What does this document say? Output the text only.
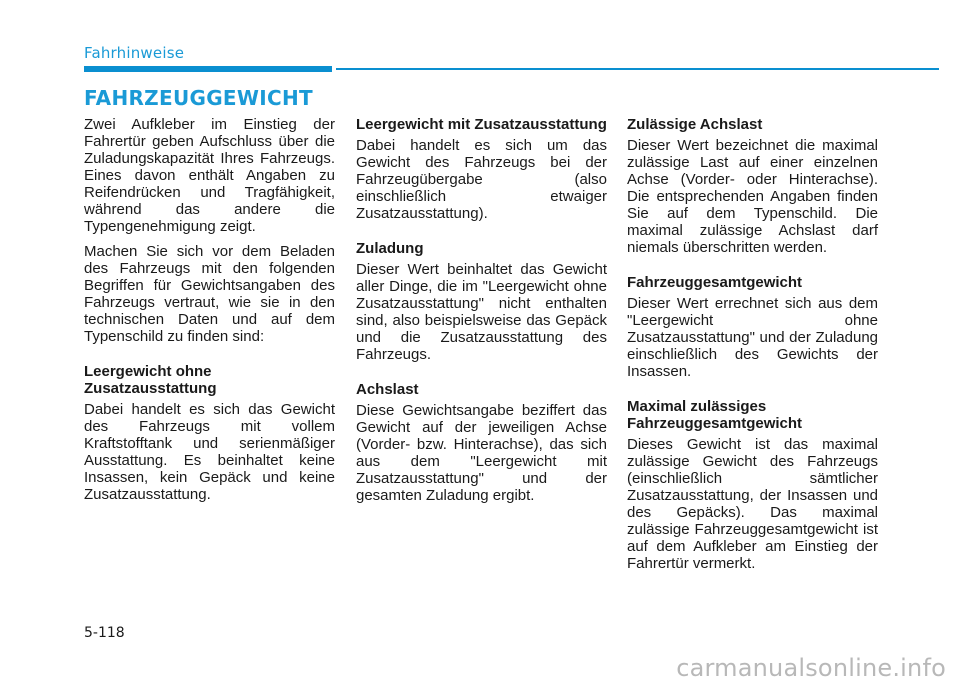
Fahrhinweise
FAHRZEUGGEWICHT

Zwei Aufkleber im Einstieg der Fahrertür geben Aufschluss über die Zuladungskapazität Ihres Fahrzeugs. Eines davon enthält Angaben zu Reifendrücken und Tragfähigkeit, während das andere die Typengenehmigung zeigt.

Machen Sie sich vor dem Beladen des Fahrzeugs mit den folgenden Begriffen für Gewichtsangaben des Fahrzeugs vertraut, wie sie in den technischen Daten und auf dem Typenschild zu finden sind:

Leergewicht ohne Zusatzausstattung

Dabei handelt es sich das Gewicht des Fahrzeugs mit vollem Kraftstofftank und serienmäßiger Ausstattung. Es beinhaltet keine Insassen, kein Gepäck und keine Zusatzausstattung.

Leergewicht mit Zusatzausstattung

Dabei handelt es sich um das Gewicht des Fahrzeugs bei der Fahrzeugübergabe (also einschließlich etwaiger Zusatzausstattung).

Zuladung

Dieser Wert beinhaltet das Gewicht aller Dinge, die im "Leergewicht ohne Zusatzausstattung" nicht enthalten sind, also beispielsweise das Gepäck und die Zusatzausstattung des Fahrzeugs.

Achslast

Diese Gewichtsangabe beziffert das Gewicht auf der jeweiligen Achse (Vorder- bzw. Hinterachse), das sich aus dem "Leergewicht mit Zusatzausstattung" und der gesamten Zuladung ergibt.

Zulässige Achslast

Dieser Wert bezeichnet die maximal zulässige Last auf einer einzelnen Achse (Vorder- oder Hinterachse). Die entsprechenden Angaben finden Sie auf dem Typenschild. Die maximal zulässige Achslast darf niemals überschritten werden.

Fahrzeuggesamtgewicht

Dieser Wert errechnet sich aus dem "Leergewicht ohne Zusatzausstattung" und der Zuladung einschließlich des Gewichts der Insassen.

Maximal zulässiges Fahrzeuggesamtgewicht

Dieses Gewicht ist das maximal zulässige Gewicht des Fahrzeugs (einschließlich sämtlicher Zusatzausstattung, der Insassen und des Gepäcks). Das maximal zulässige Fahrzeuggesamtgewicht ist auf dem Aufkleber am Einstieg der Fahrertür vermerkt.

5-118
carmanualsonline.info
